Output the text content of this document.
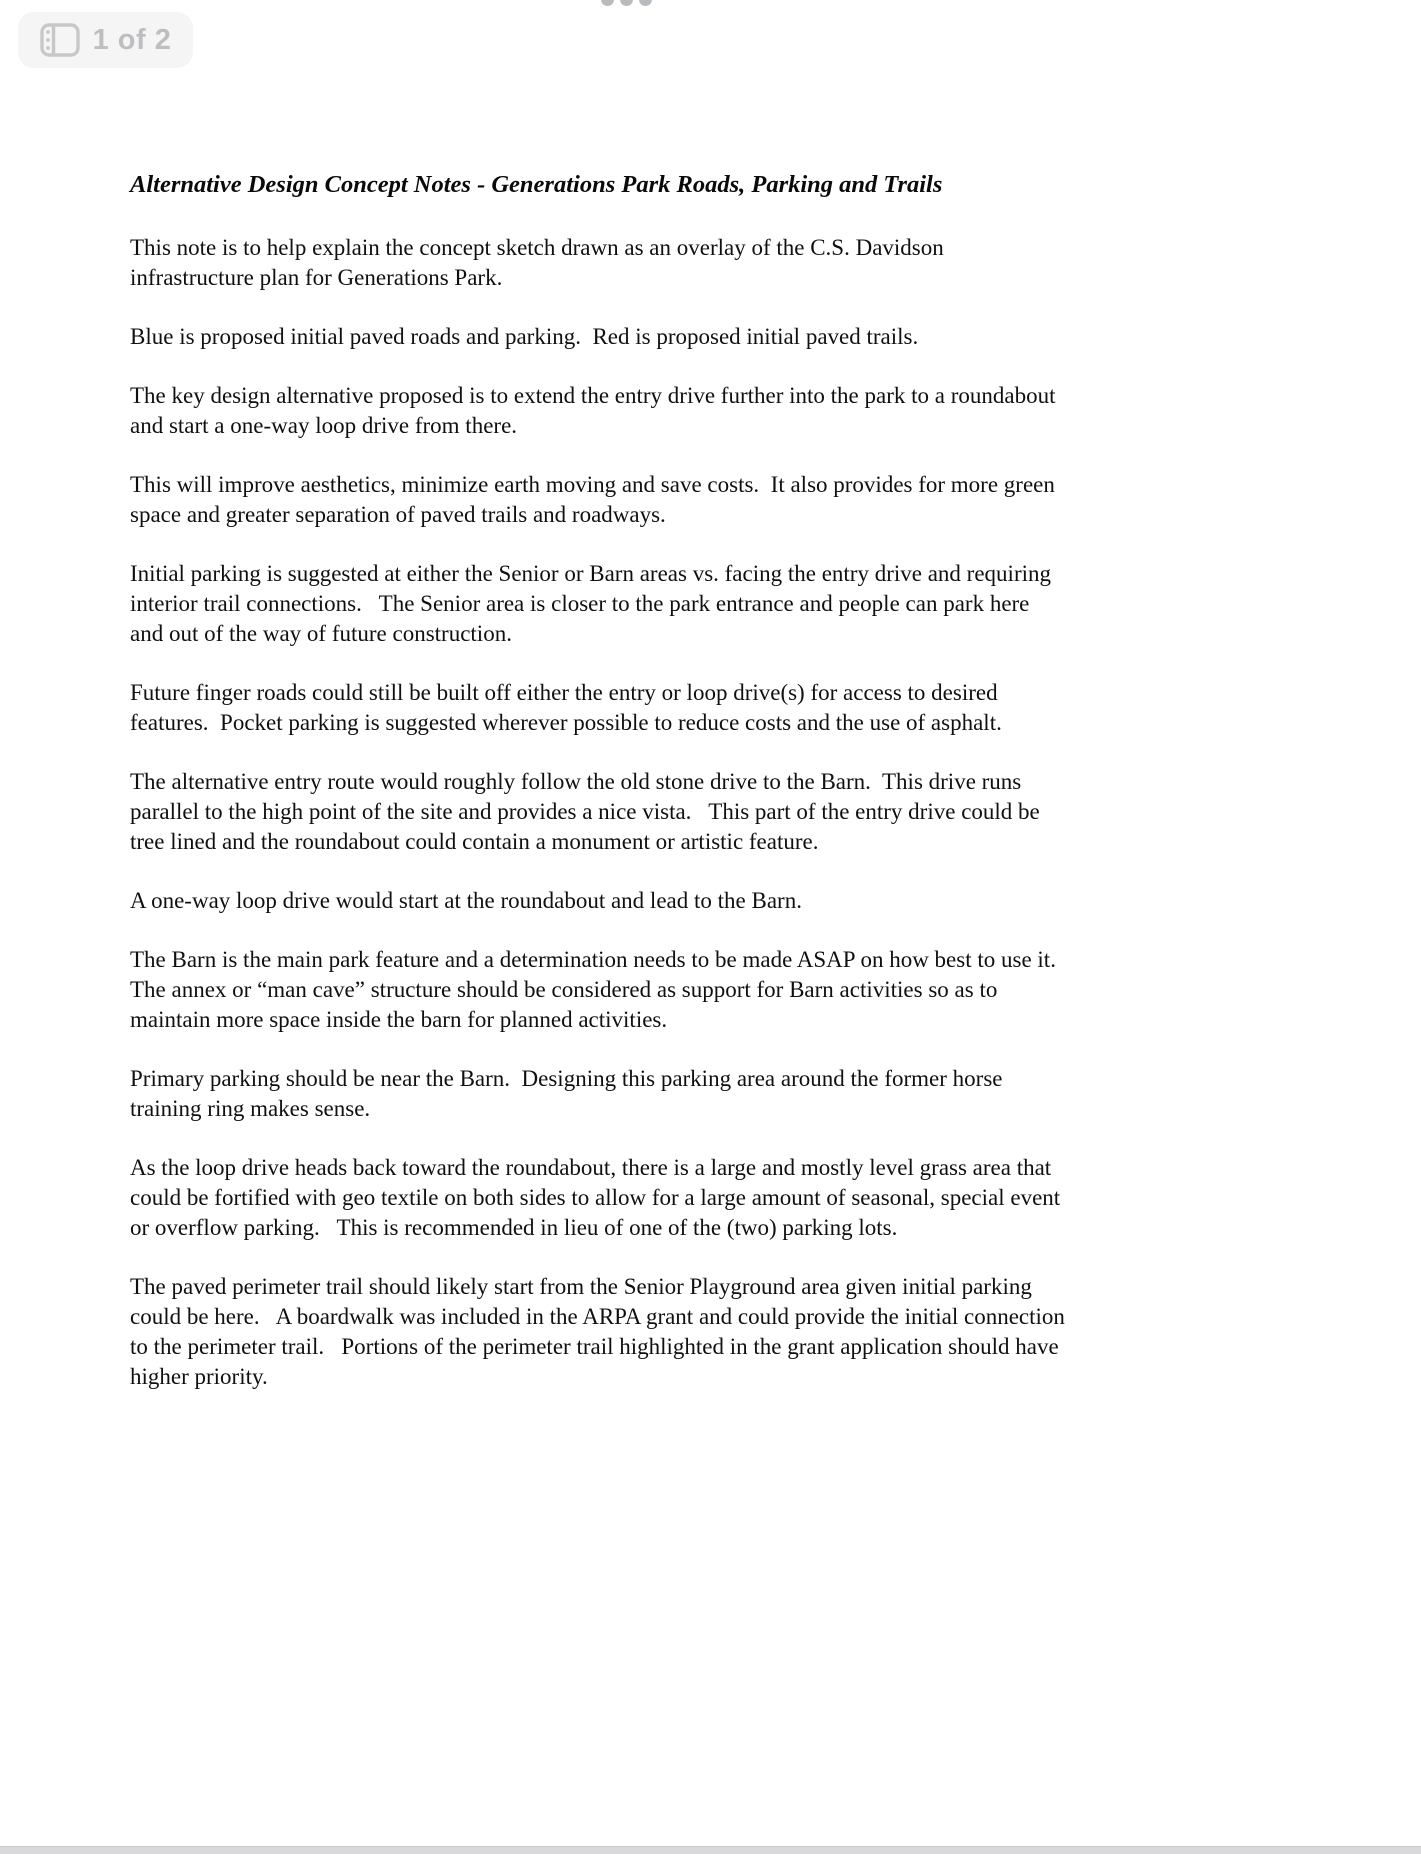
1 of 2
Alternative Design Concept Notes - Generations Park Roads, Parking and Trails

This note is to help explain the concept sketch drawn as an overlay of the C.S. Davidson infrastructure plan for Generations Park.

Blue is proposed initial paved roads and parking.  Red is proposed initial paved trails.

The key design alternative proposed is to extend the entry drive further into the park to a roundabout and start a one-way loop drive from there.

This will improve aesthetics, minimize earth moving and save costs.  It also provides for more green space and greater separation of paved trails and roadways.

Initial parking is suggested at either the Senior or Barn areas vs. facing the entry drive and requiring interior trail connections.   The Senior area is closer to the park entrance and people can park here and out of the way of future construction.

Future finger roads could still be built off either the entry or loop drive(s) for access to desired features.  Pocket parking is suggested wherever possible to reduce costs and the use of asphalt.

The alternative entry route would roughly follow the old stone drive to the Barn.  This drive runs parallel to the high point of the site and provides a nice vista.   This part of the entry drive could be tree lined and the roundabout could contain a monument or artistic feature.

A one-way loop drive would start at the roundabout and lead to the Barn.

The Barn is the main park feature and a determination needs to be made ASAP on how best to use it.  The annex or “man cave” structure should be considered as support for Barn activities so as to maintain more space inside the barn for planned activities.

Primary parking should be near the Barn.  Designing this parking area around the former horse training ring makes sense.

As the loop drive heads back toward the roundabout, there is a large and mostly level grass area that could be fortified with geo textile on both sides to allow for a large amount of seasonal, special event or overflow parking.   This is recommended in lieu of one of the (two) parking lots.

The paved perimeter trail should likely start from the Senior Playground area given initial parking could be here.   A boardwalk was included in the ARPA grant and could provide the initial connection to the perimeter trail.   Portions of the perimeter trail highlighted in the grant application should have higher priority.
